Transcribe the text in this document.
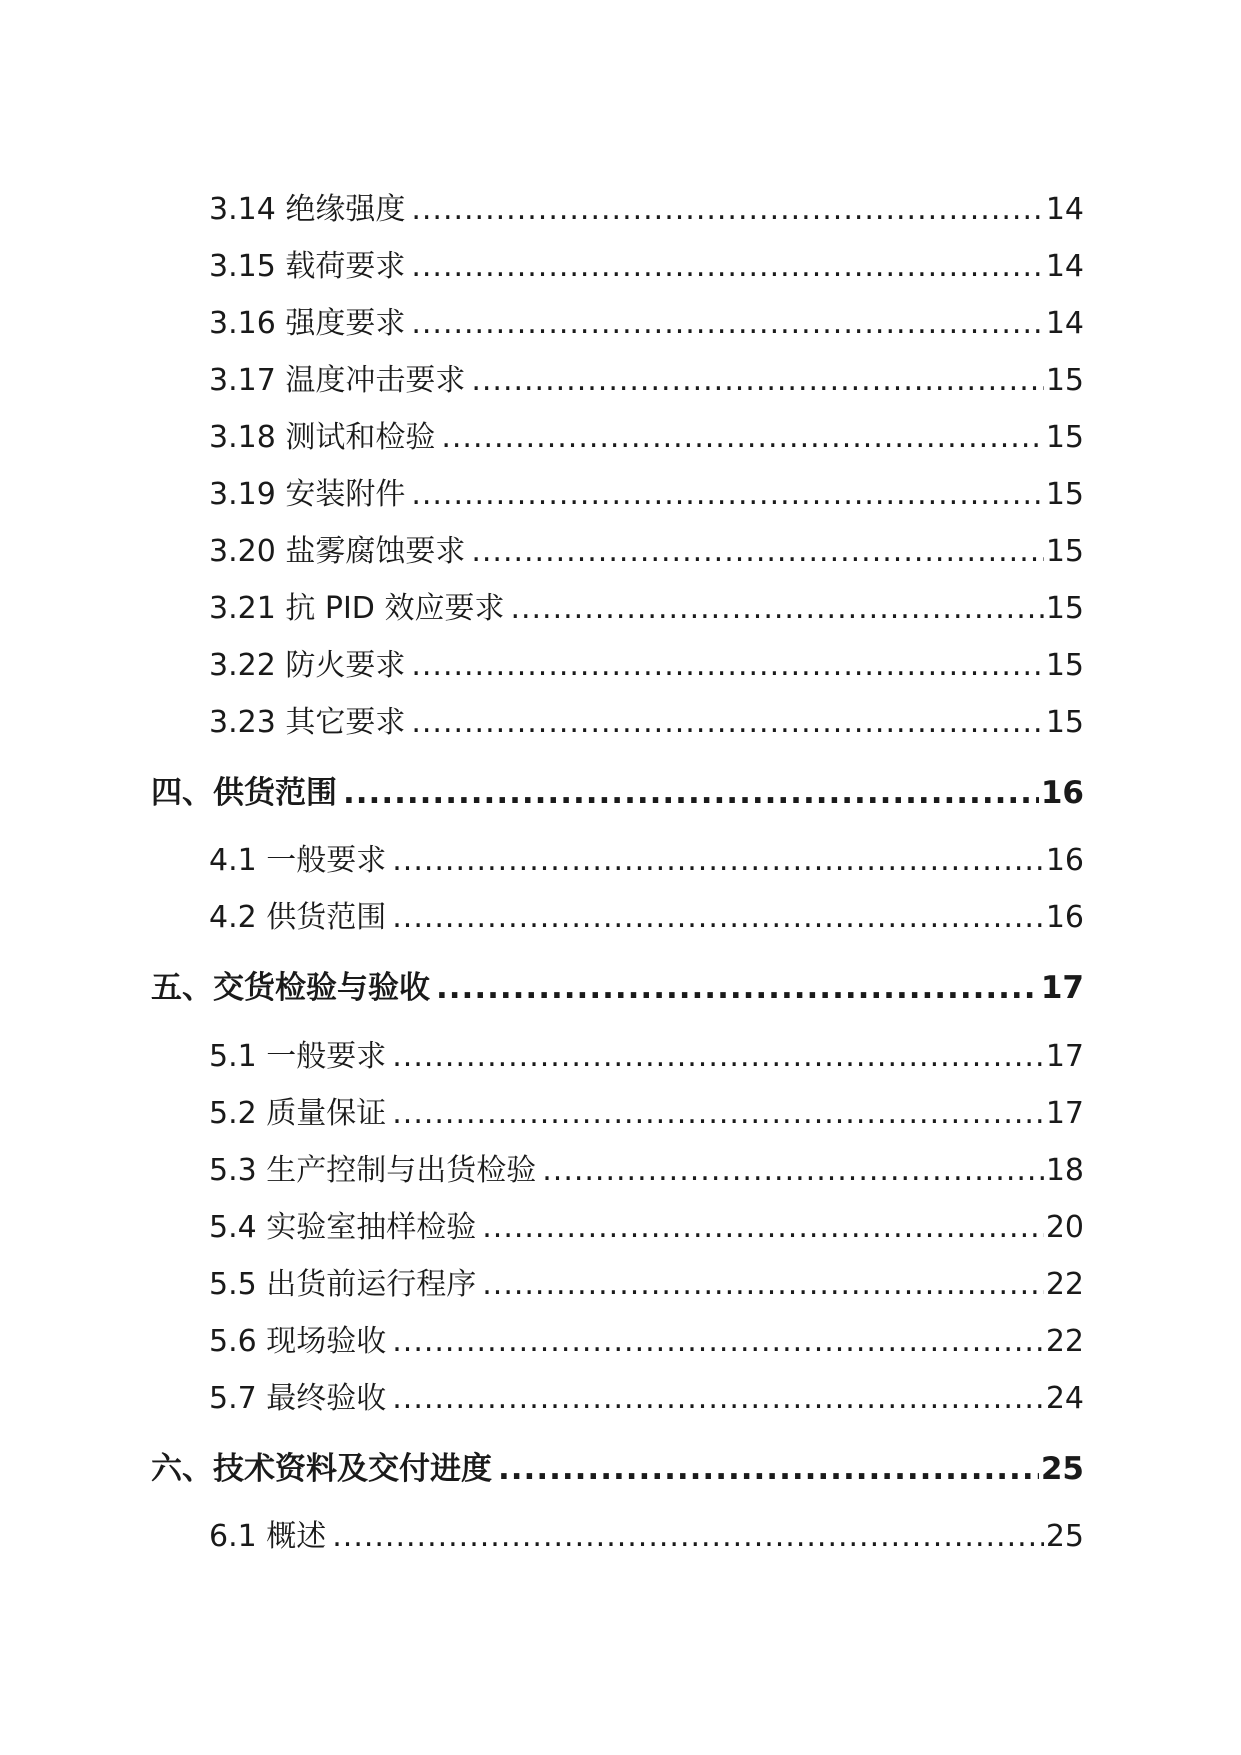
3.14 绝缘强度 .....	14
3.15 载荷要求 .....	14
3.16 强度要求 .....	14
3.17 温度冲击要求 .....	15
3.18 测试和检验 .....	15
3.19 安装附件 .....	15
3.20 盐雾腐蚀要求 .....	15
3.21 抗 PID 效应要求 .....	15
3.22 防火要求 .....	15
3.23 其它要求 .....	15
四、供货范围 .....	16
4.1 一般要求 .....	16
4.2 供货范围 .....	16
五、交货检验与验收 .....	17
5.1 一般要求 .....	17
5.2 质量保证 .....	17
5.3 生产控制与出货检验 .....	18
5.4 实验室抽样检验 .....	20
5.5 出货前运行程序 .....	22
5.6 现场验收 .....	22
5.7 最终验收 .....	24
六、技术资料及交付进度 .....	25
6.1 概述 .....	25
